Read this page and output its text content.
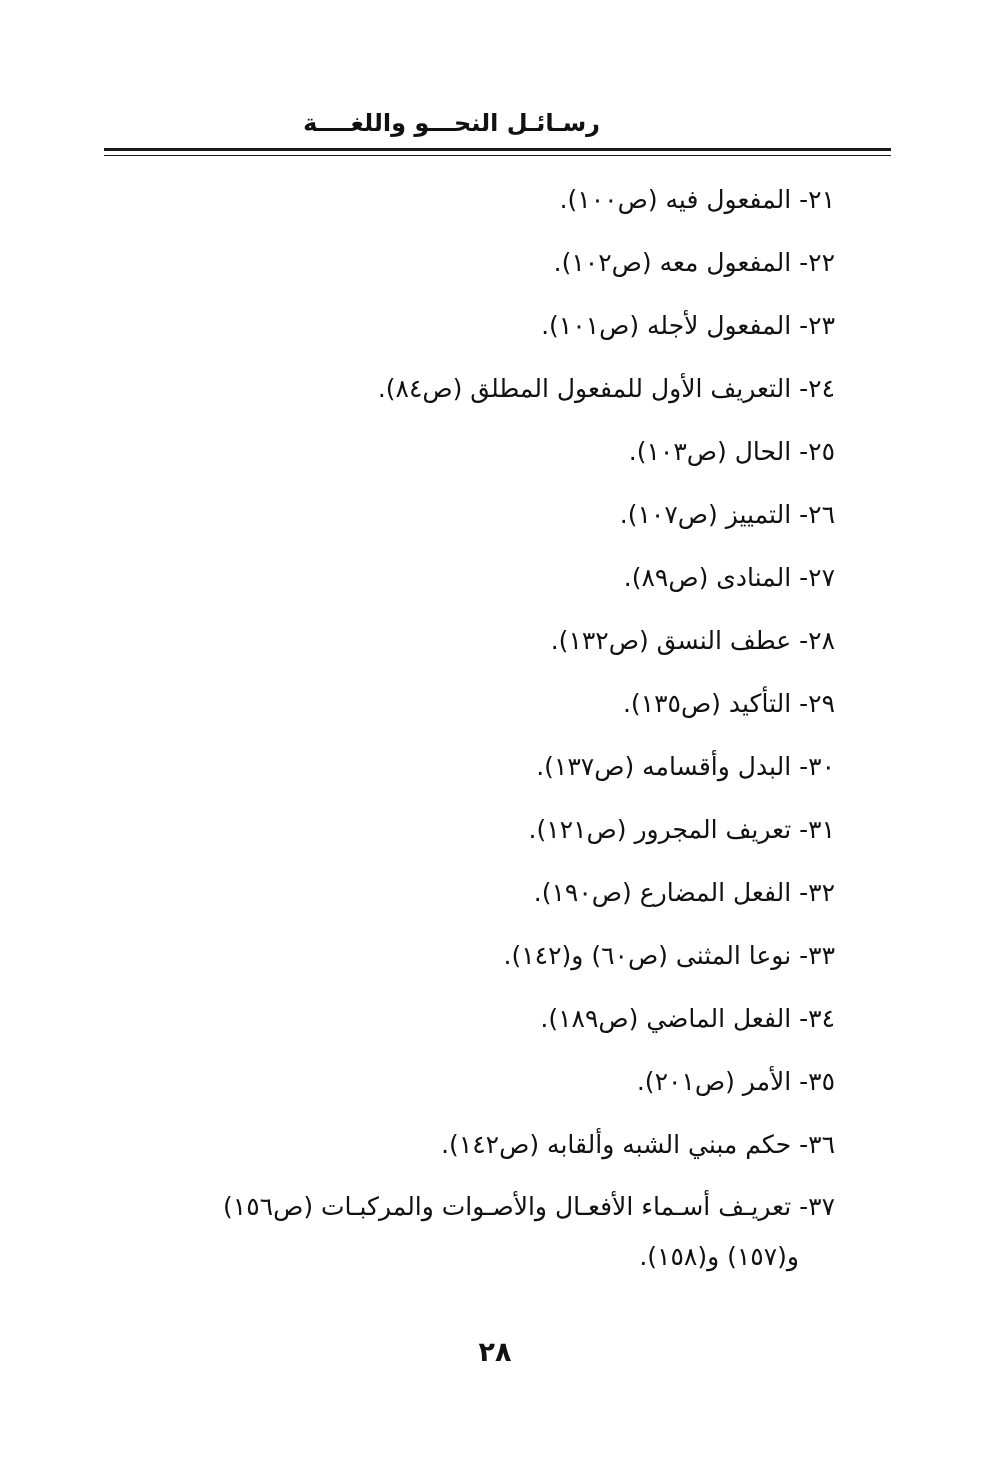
رسـائـل النحـــو واللغــــة
٢١- المفعول فيه (ص١٠٠).
٢٢- المفعول معه (ص١٠٢).
٢٣- المفعول لأجله (ص١٠١).
٢٤- التعريف الأول للمفعول المطلق (ص٨٤).
٢٥- الحال (ص١٠٣).
٢٦- التمييز (ص١٠٧).
٢٧- المنادى (ص٨٩).
٢٨- عطف النسق (ص١٣٢).
٢٩- التأكيد (ص١٣٥).
٣٠- البدل وأقسامه (ص١٣٧).
٣١- تعريف المجرور (ص١٢١).
٣٢- الفعل المضارع (ص١٩٠).
٣٣- نوعا المثنى (ص٦٠) و(١٤٢).
٣٤- الفعل الماضي (ص١٨٩).
٣٥- الأمر (ص٢٠١).
٣٦- حكم مبني الشبه وألقابه (ص١٤٢).
٣٧- تعريـف أسـماء الأفعـال والأصـوات والمركبـات (ص١٥٦)
و(١٥٧) و(١٥٨).
٢٨
